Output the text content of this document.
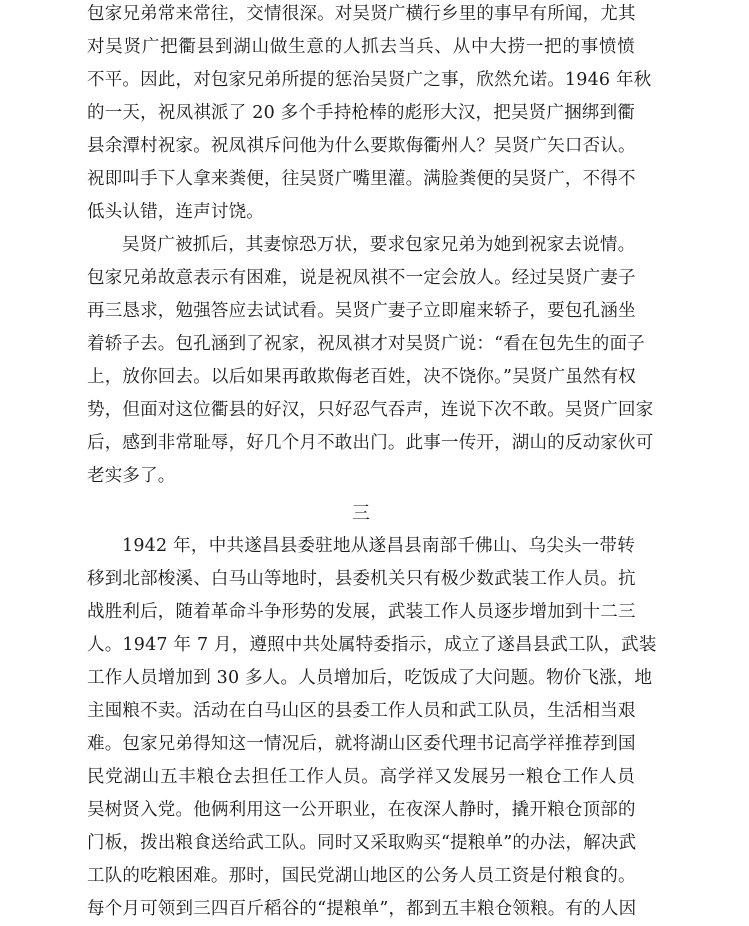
包家兄弟常来常往，交情很深。对吴贤广横行乡里的事早有所闻，尤其
对吴贤广把衢县到湖山做生意的人抓去当兵、从中大捞一把的事愤愤
不平。因此，对包家兄弟所提的惩治吴贤广之事，欣然允诺。1946 年秋
的一天，祝凤祺派了 20 多个手持枪棒的彪形大汉，把吴贤广捆绑到衢
县余潭村祝家。祝凤祺斥问他为什么要欺侮衢州人？吴贤广矢口否认。
祝即叫手下人拿来粪便，往吴贤广嘴里灌。满脸粪便的吴贤广，不得不
低头认错，连声讨饶。
吴贤广被抓后，其妻惊恐万状，要求包家兄弟为她到祝家去说情。
包家兄弟故意表示有困难，说是祝凤祺不一定会放人。经过吴贤广妻子
再三恳求，勉强答应去试试看。吴贤广妻子立即雇来轿子，要包孔涵坐
着轿子去。包孔涵到了祝家，祝凤祺才对吴贤广说：“看在包先生的面子
上，放你回去。以后如果再敢欺侮老百姓，决不饶你。”吴贤广虽然有权
势，但面对这位衢县的好汉，只好忍气吞声，连说下次不敢。吴贤广回家
后，感到非常耻辱，好几个月不敢出门。此事一传开，湖山的反动家伙可
老实多了。
三
1942 年，中共遂昌县委驻地从遂昌县南部千佛山、乌尖头一带转
移到北部梭溪、白马山等地时，县委机关只有极少数武装工作人员。抗
战胜利后，随着革命斗争形势的发展，武装工作人员逐步增加到十二三
人。1947 年 7 月，遵照中共处属特委指示，成立了遂昌县武工队，武装
工作人员增加到 30 多人。人员增加后，吃饭成了大问题。物价飞涨，地
主囤粮不卖。活动在白马山区的县委工作人员和武工队员，生活相当艰
难。包家兄弟得知这一情况后，就将湖山区委代理书记高学祥推荐到国
民党湖山五丰粮仓去担任工作人员。高学祥又发展另一粮仓工作人员
吴树贤入党。他俩利用这一公开职业，在夜深人静时，撬开粮仓顶部的
门板，拨出粮食送给武工队。同时又采取购买“提粮单”的办法，解决武
工队的吃粮困难。那时，国民党湖山地区的公务人员工资是付粮食的。
每个月可领到三四百斤稻谷的“提粮单”，都到五丰粮仓领粮。有的人因
